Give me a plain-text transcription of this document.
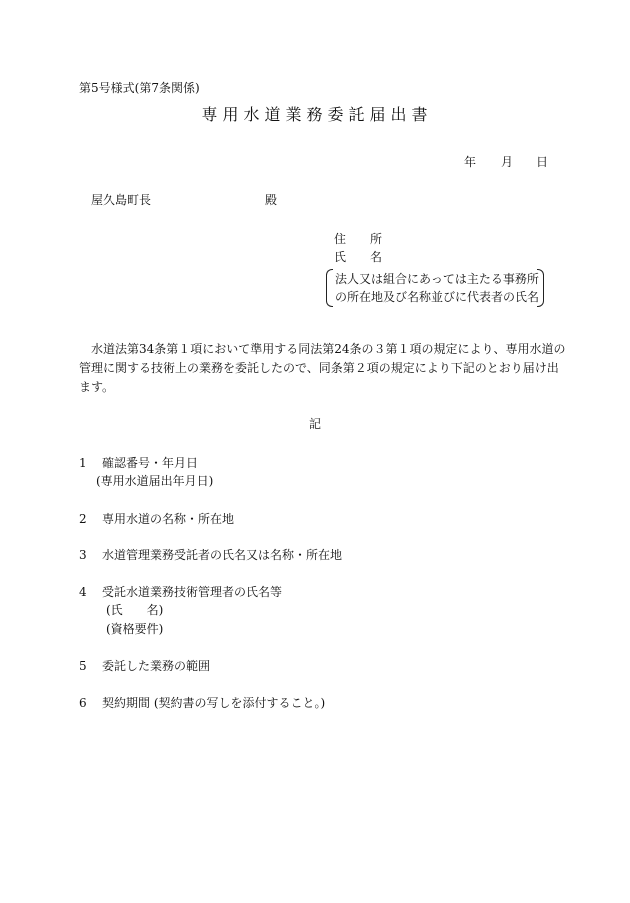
第5号様式(第7条関係)
専用水道業務委託届出書
年 月 日
屋久島町長	殿
住　　所
氏　　名
法人又は組合にあっては主たる事務所
の所在地及び名称並びに代表者の氏名
　水道法第34条第１項において準用する同法第24条の３第１項の規定により、専用水道の
管理に関する技術上の業務を委託したので、同条第２項の規定により下記のとおり届け出
ます。
記
1 確認番号・年月日
(専用水道届出年月日)
2 専用水道の名称・所在地
3 水道管理業務受託者の氏名又は名称・所在地
4 受託水道業務技術管理者の氏名等
(氏　　名)
(資格要件)
5 委託した業務の範囲
6 契約期間 (契約書の写しを添付すること。)
